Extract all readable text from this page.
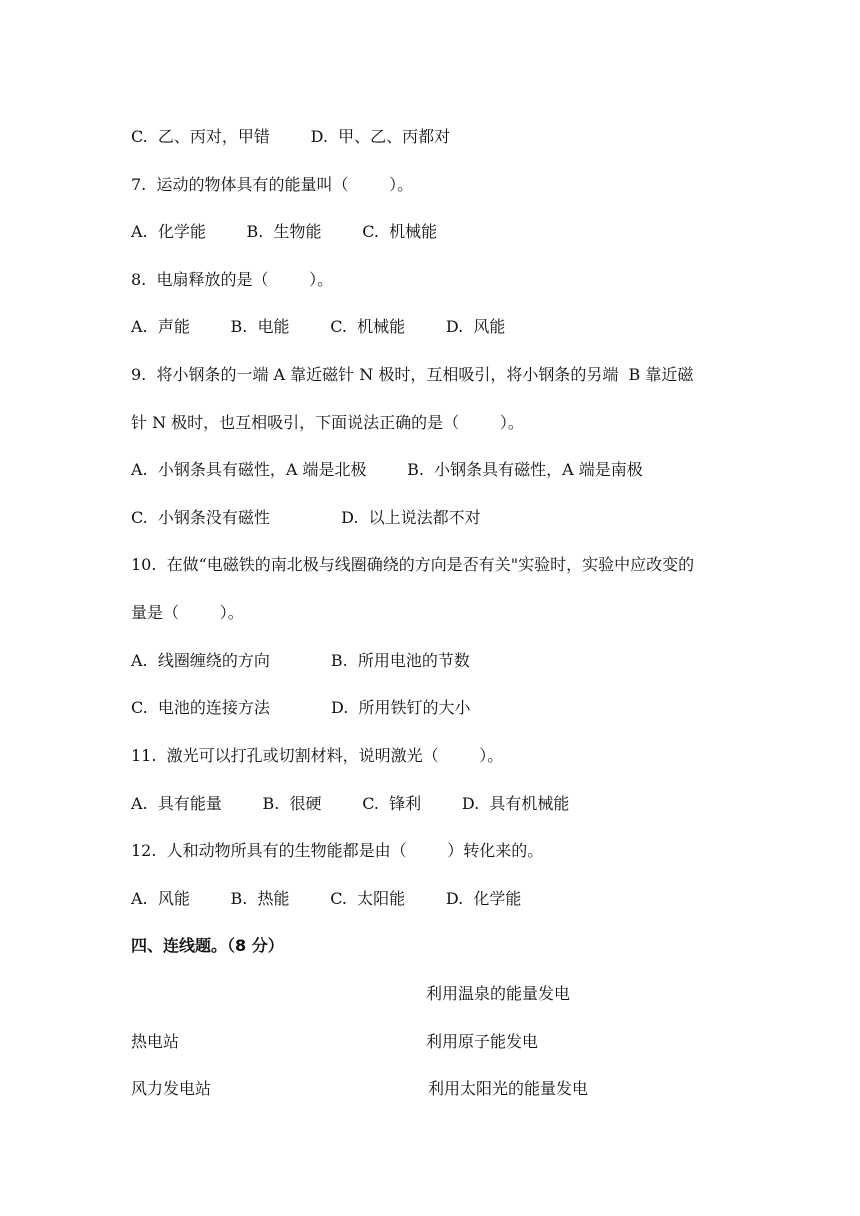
C.  乙、丙对，甲错        D.  甲、乙、丙都对

7.  运动的物体具有的能量叫（        ）。

A.  化学能        B.  生物能        C.  机械能

8.  电扇释放的是（        ）。

A.  声能        B.  电能        C.  机械能        D.  风能

9.  将小钢条的一端 A 靠近磁针 N 极时，互相吸引，将小钢条的另端  B 靠近磁

针 N 极时，也互相吸引，下面说法正确的是（        ）。

A.  小钢条具有磁性，A 端是北极        B.  小钢条具有磁性，A 端是南极

C.  小钢条没有磁性              D.  以上说法都不对

10.  在做“电磁铁的南北极与线圈确绕的方向是否有关"实验时，实验中应改变的

量是（        ）。

A.  线圈缠绕的方向            B.  所用电池的节数

C.  电池的连接方法            D.  所用铁钉的大小

11.  激光可以打孔或切割材料，说明激光（        ）。

A.  具有能量        B.  很硬        C.  锋利        D.  具有机械能

12.  人和动物所具有的生物能都是由（        ）转化来的。

A.  风能        B.  热能        C.  太阳能        D.  化学能

四、连线题。（8 分）

利用温泉的能量发电
热电站	利用原子能发电
风力发电站	利用太阳光的能量发电
